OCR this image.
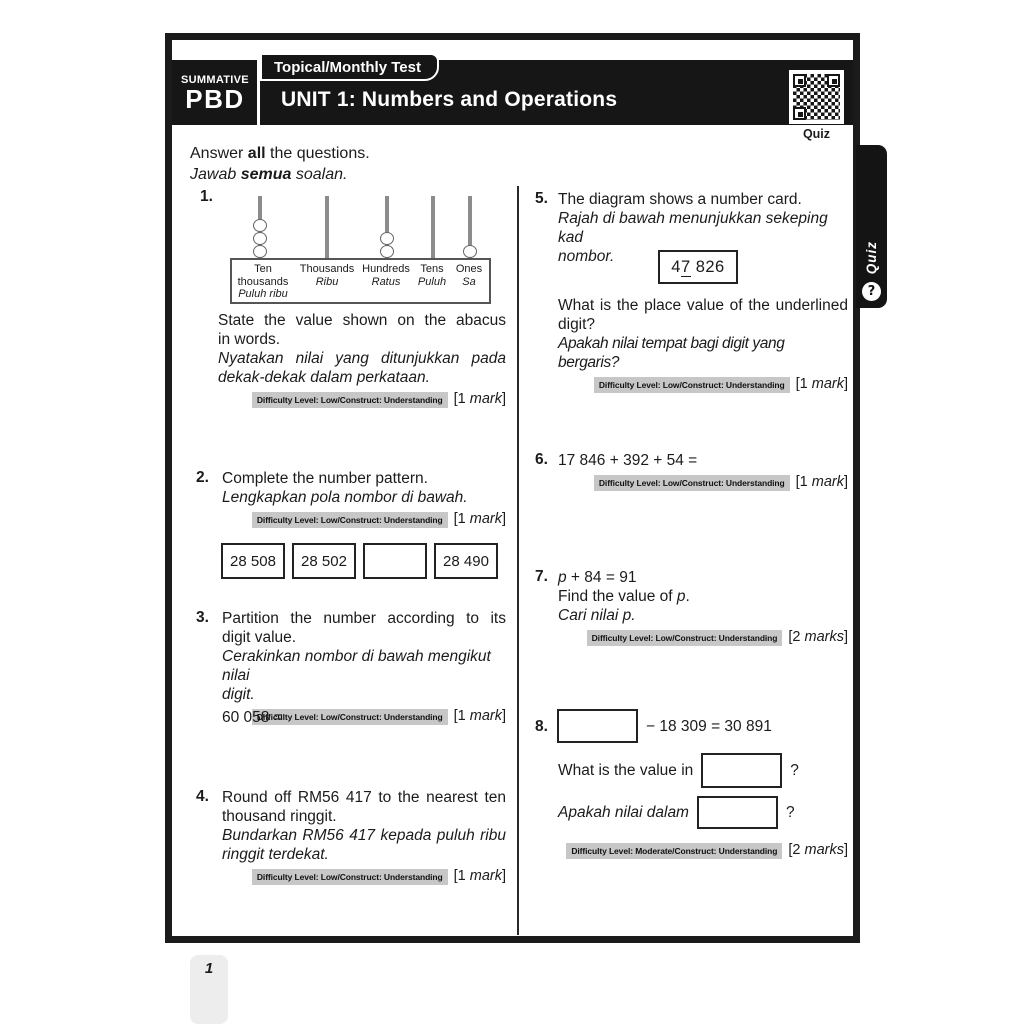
SUMMATIVE
PBD
Topical/Monthly Test
UNIT 1: Numbers and Operations
Quiz
Quiz
?
Answer all the questions.
Jawab semua soalan.
1.
Ten
thousands
Puluh ribu
Thousands
Ribu
Hundreds
Ratus
Tens
Puluh
Ones
Sa
State the value shown on the abacus
in words.
Nyatakan nilai yang ditunjukkan pada
dekak-dekak dalam perkataan.
Difficulty Level: Low/Construct: Understanding [1 mark]
2. Complete the number pattern.
Lengkapkan pola nombor di bawah.
Difficulty Level: Low/Construct: Understanding [1 mark]
28 508	28 502	28 490
3. Partition the number according to its
digit value.
Cerakinkan nombor di bawah mengikut nilai
digit.
Difficulty Level: Low/Construct: Understanding [1 mark]
60 058 =
4. Round off RM56 417 to the nearest ten
thousand ringgit.
Bundarkan RM56 417 kepada puluh ribu
ringgit terdekat.
Difficulty Level: Low/Construct: Understanding [1 mark]
5. The diagram shows a number card.
Rajah di bawah menunjukkan sekeping kad
nombor.
47 826
What is the place value of the underlined
digit?
Apakah nilai tempat bagi digit yang bergaris?
Difficulty Level: Low/Construct: Understanding [1 mark]
6. 17 846 + 392 + 54 =
Difficulty Level: Low/Construct: Understanding [1 mark]
7. p + 84 = 91
Find the value of p.
Cari nilai p.
Difficulty Level: Low/Construct: Understanding [2 marks]
8.	− 18 309 = 30 891
What is the value in	?
Apakah nilai dalam	?
Difficulty Level: Moderate/Construct: Understanding [2 marks]
1
